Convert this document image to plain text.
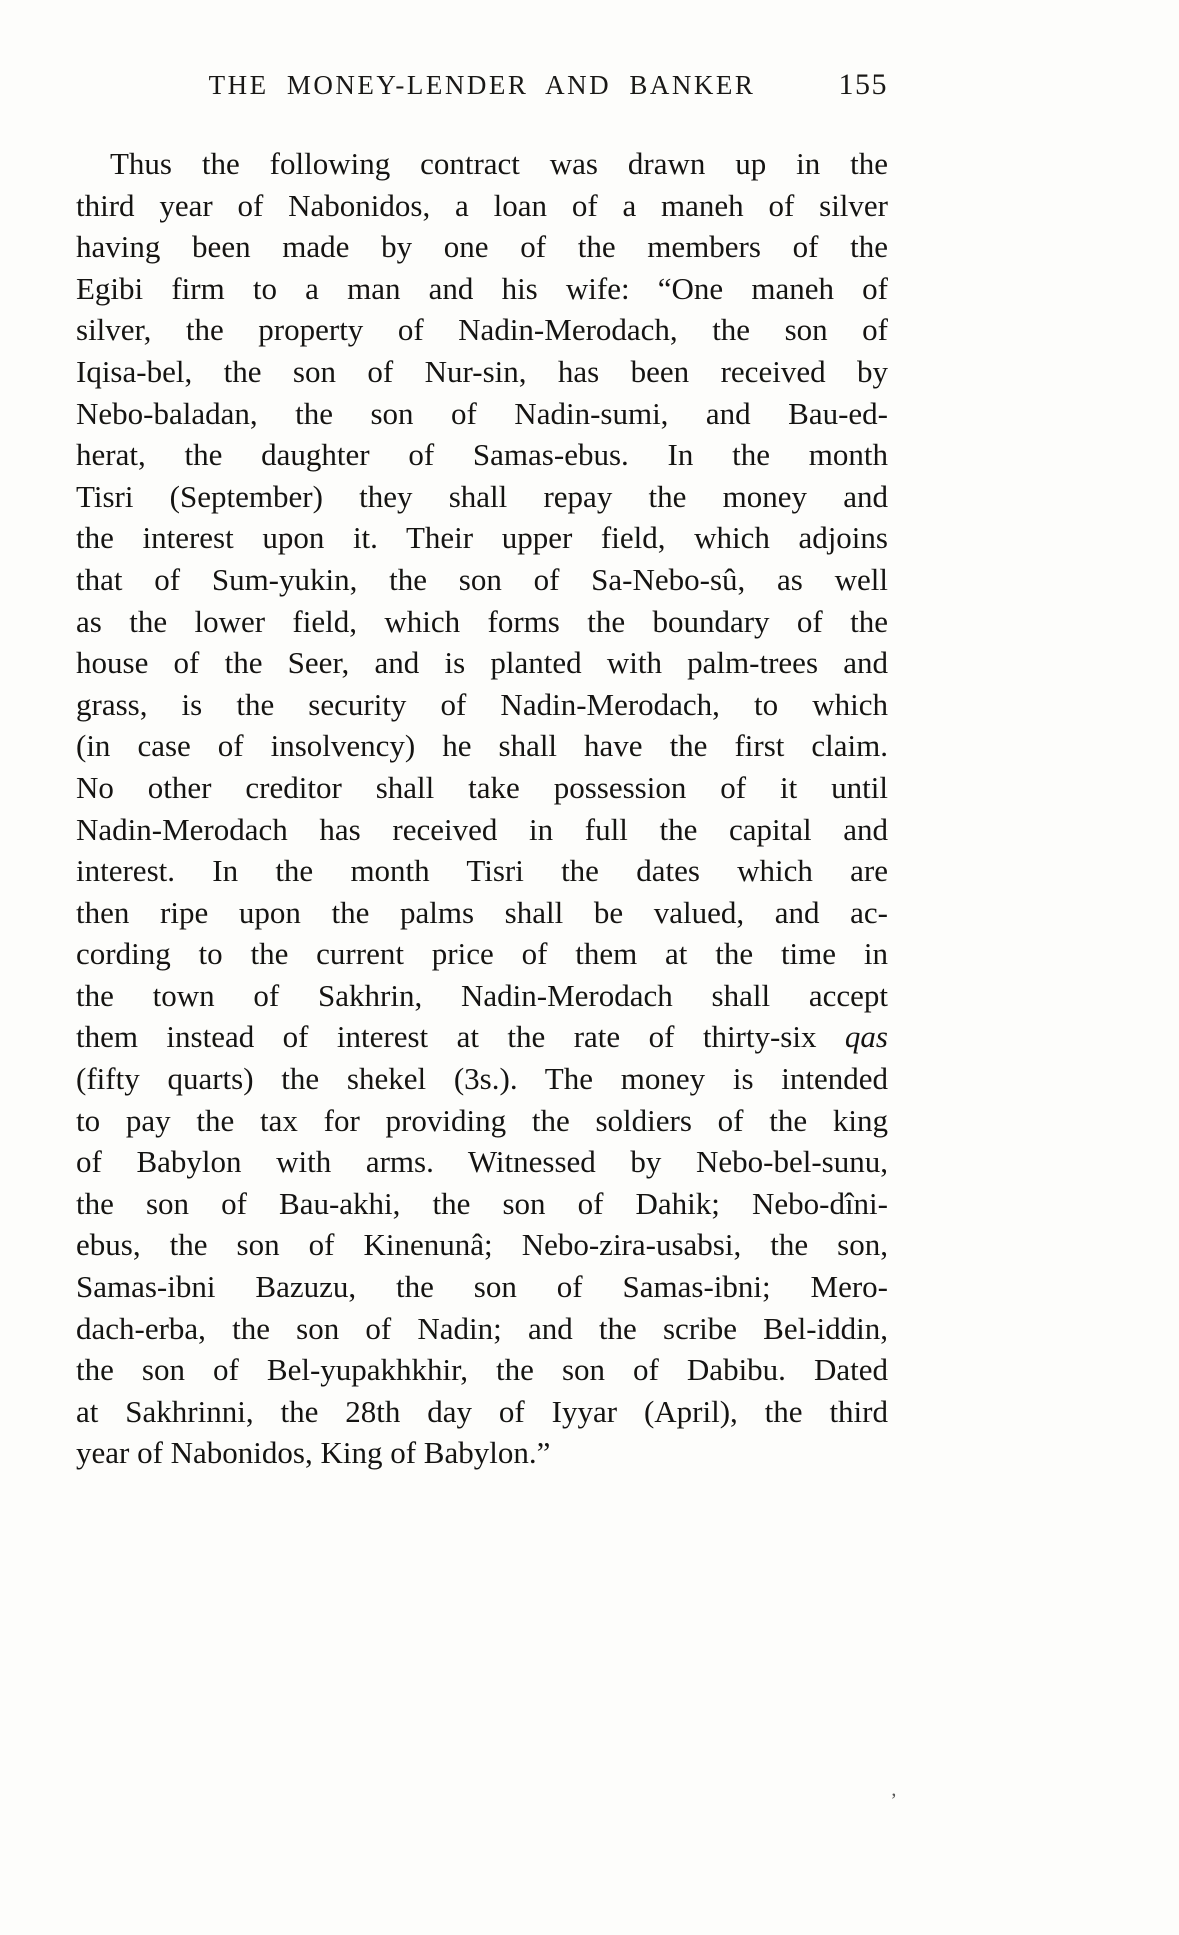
THE MONEY-LENDER AND BANKER	155
Thus the following contract was drawn up in the
third year of Nabonidos, a loan of a maneh of silver
having been made by one of the members of the
Egibi firm to a man and his wife: “One maneh of
silver, the property of Nadin-Merodach, the son of
Iqisa-bel, the son of Nur-sin, has been received by
Nebo-baladan, the son of Nadin-sumi, and Bau-ed-
herat, the daughter of Samas-ebus. In the month
Tisri (September) they shall repay the money and
the interest upon it. Their upper field, which adjoins
that of Sum-yukin, the son of Sa-Nebo-sû, as well
as the lower field, which forms the boundary of the
house of the Seer, and is planted with palm-trees and
grass, is the security of Nadin-Merodach, to which
(in case of insolvency) he shall have the first claim.
No other creditor shall take possession of it until
Nadin-Merodach has received in full the capital and
interest. In the month Tisri the dates which are
then ripe upon the palms shall be valued, and ac-
cording to the current price of them at the time in
the town of Sakhrin, Nadin-Merodach shall accept
them instead of interest at the rate of thirty-six qas
(fifty quarts) the shekel (3s.). The money is intended
to pay the tax for providing the soldiers of the king
of Babylon with arms. Witnessed by Nebo-bel-sunu,
the son of Bau-akhi, the son of Dahik; Nebo-dîni-
ebus, the son of Kinenunâ; Nebo-zira-usabsi, the son,
Samas-ibni Bazuzu, the son of Samas-ibni; Mero-
dach-erba, the son of Nadin; and the scribe Bel-iddin,
the son of Bel-yupakhkhir, the son of Dabibu. Dated
at Sakhrinni, the 28th day of Iyyar (April), the third
year of Nabonidos, King of Babylon.”
ʼ
